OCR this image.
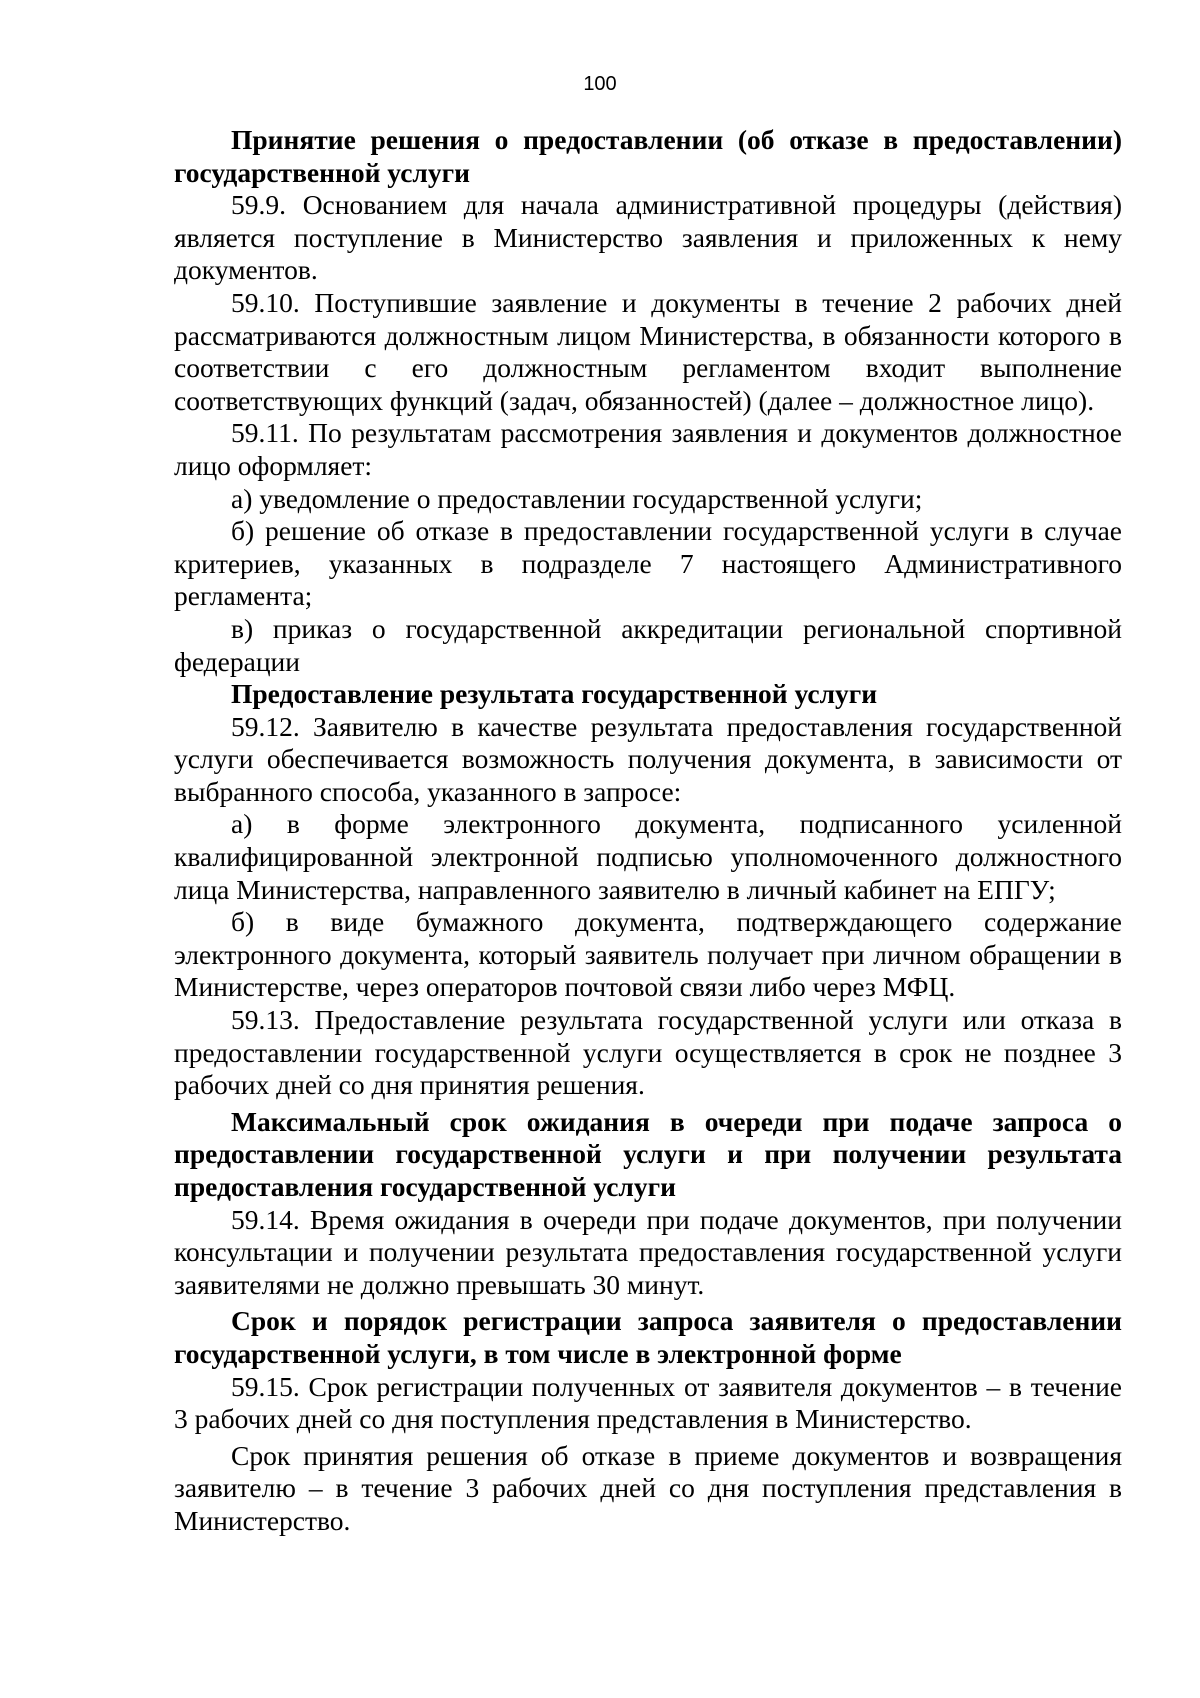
100

Принятие решения о предоставлении (об отказе в предоставлении) государственной услуги

59.9. Основанием для начала административной процедуры (действия) является поступление в Министерство заявления и приложенных к нему документов.

59.10. Поступившие заявление и документы в течение 2 рабочих дней рассматриваются должностным лицом Министерства, в обязанности которого в соответствии с его должностным регламентом входит выполнение соответствующих функций (задач, обязанностей) (далее – должностное лицо).

59.11. По результатам рассмотрения заявления и документов должностное лицо оформляет:

а) уведомление о предоставлении государственной услуги;

б) решение об отказе в предоставлении государственной услуги в случае критериев, указанных в подразделе 7 настоящего Административного регламента;

в) приказ о государственной аккредитации региональной спортивной федерации

Предоставление результата государственной услуги

59.12. Заявителю в качестве результата предоставления государственной услуги обеспечивается возможность получения документа, в зависимости от выбранного способа, указанного в запросе:

а) в форме электронного документа, подписанного усиленной квалифицированной электронной подписью уполномоченного должностного лица Министерства, направленного заявителю в личный кабинет на ЕПГУ;

б) в виде бумажного документа, подтверждающего содержание электронного документа, который заявитель получает при личном обращении в Министерстве, через операторов почтовой связи либо через МФЦ.

59.13. Предоставление результата государственной услуги или отказа в предоставлении государственной услуги осуществляется в срок не позднее 3 рабочих дней со дня принятия решения.

Максимальный срок ожидания в очереди при подаче запроса о предоставлении государственной услуги и при получении результата предоставления государственной услуги

59.14. Время ожидания в очереди при подаче документов, при получении консультации и получении результата предоставления государственной услуги заявителями не должно превышать 30 минут.

Срок и порядок регистрации запроса заявителя о предоставлении государственной услуги, в том числе в электронной форме

59.15. Срок регистрации полученных от заявителя документов – в течение 3 рабочих дней со дня поступления представления в Министерство.

Срок принятия решения об отказе в приеме документов и возвращения заявителю – в течение 3 рабочих дней со дня поступления представления в Министерство.
